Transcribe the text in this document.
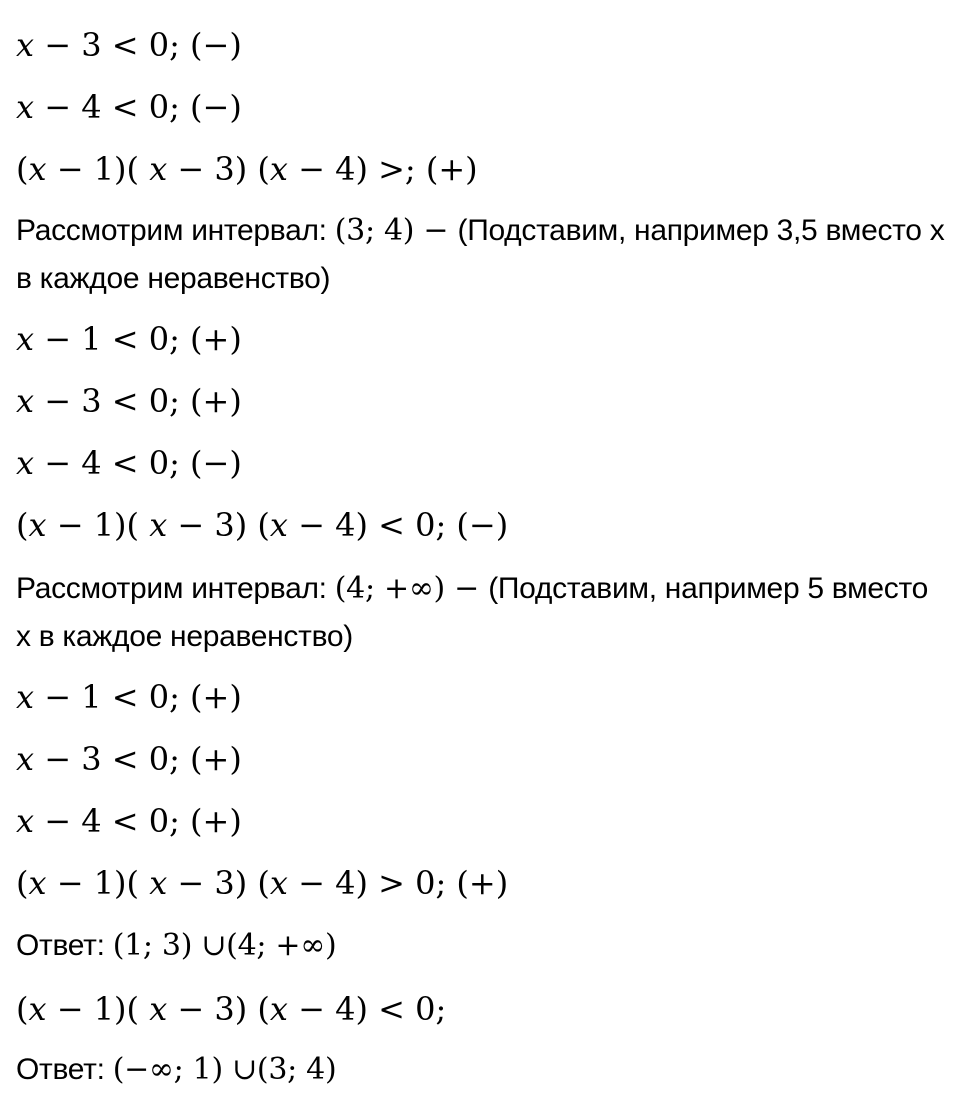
𝑥 − 3 < 0; (−)
𝑥 − 4 < 0; (−)
(𝑥 − 1)( 𝑥 − 3) (𝑥 − 4) >; (+)
Рассмотрим интервал: (3; 4) − (Подставим, например 3,5 вместо х в каждое неравенство)
𝑥 − 1 < 0; (+)
𝑥 − 3 < 0; (+)
𝑥 − 4 < 0; (−)
(𝑥 − 1)( 𝑥 − 3) (𝑥 − 4) < 0; (−)
Рассмотрим интервал: (4; +∞) − (Подставим, например 5 вместо х в каждое неравенство)
𝑥 − 1 < 0; (+)
𝑥 − 3 < 0; (+)
𝑥 − 4 < 0; (+)
(𝑥 − 1)( 𝑥 − 3) (𝑥 − 4) > 0; (+)
Ответ: (1; 3) ∪(4; +∞)
(𝑥 − 1)( 𝑥 − 3) (𝑥 − 4) < 0;
Ответ: (−∞; 1) ∪(3; 4)
